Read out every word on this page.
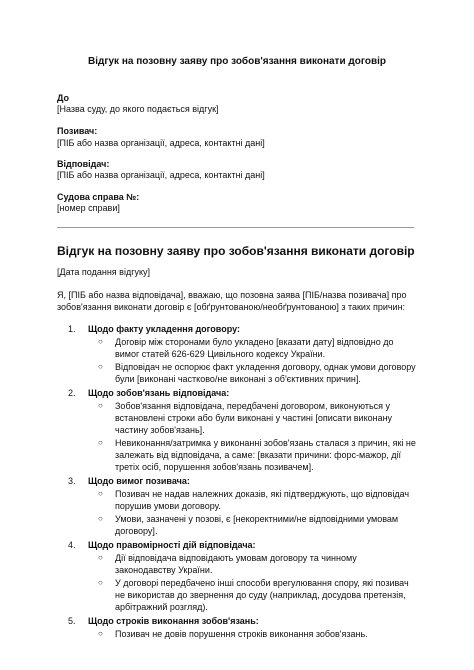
Відгук на позовну заяву про зобов'язання виконати договір
До
[Назва суду, до якого подається відгук]
Позивач:
[ПІБ або назва організації, адреса, контактні дані]
Відповідач:
[ПІБ або назва організації, адреса, контактні дані]
Судова справа №:
[номер справи]
Відгук на позовну заяву про зобов'язання виконати договір
[Дата подання відгуку]
Я, [ПІБ або назва відповідача], вважаю, що позовна заява [ПІБ/назва позивача] про зобов'язання виконати договір є [обґрунтованою/необґрунтованою] з таких причин:
1. Щодо факту укладення договору:
○ Договір між сторонами було укладено [вказати дату] відповідно до вимог статей 626-629 Цивільного кодексу України.
○ Відповідач не оспорює факт укладення договору, однак умови договору були [виконані частково/не виконані з об'єктивних причин].
2. Щодо зобов'язань відповідача:
○ Зобов'язання відповідача, передбачені договором, виконуються у встановлені строки або були виконані у частині [описати виконану частину зобов'язань].
○ Невиконання/затримка у виконанні зобов'язань сталася з причин, які не залежать від відповідача, а саме: [вказати причини: форс-мажор, дії третіх осіб, порушення зобов'язань позивачем].
3. Щодо вимог позивача:
○ Позивач не надав належних доказів, які підтверджують, що відповідач порушив умови договору.
○ Умови, зазначені у позові, є [некоректними/не відповідними умовам договору].
4. Щодо правомірності дій відповідача:
○ Дії відповідача відповідають умовам договору та чинному законодавству України.
○ У договорі передбачено інші способи врегулювання спору, які позивач не використав до звернення до суду (наприклад, досудова претензія, арбітражний розгляд).
5. Щодо строків виконання зобов'язань:
○ Позивач не довів порушення строків виконання зобов'язань.
